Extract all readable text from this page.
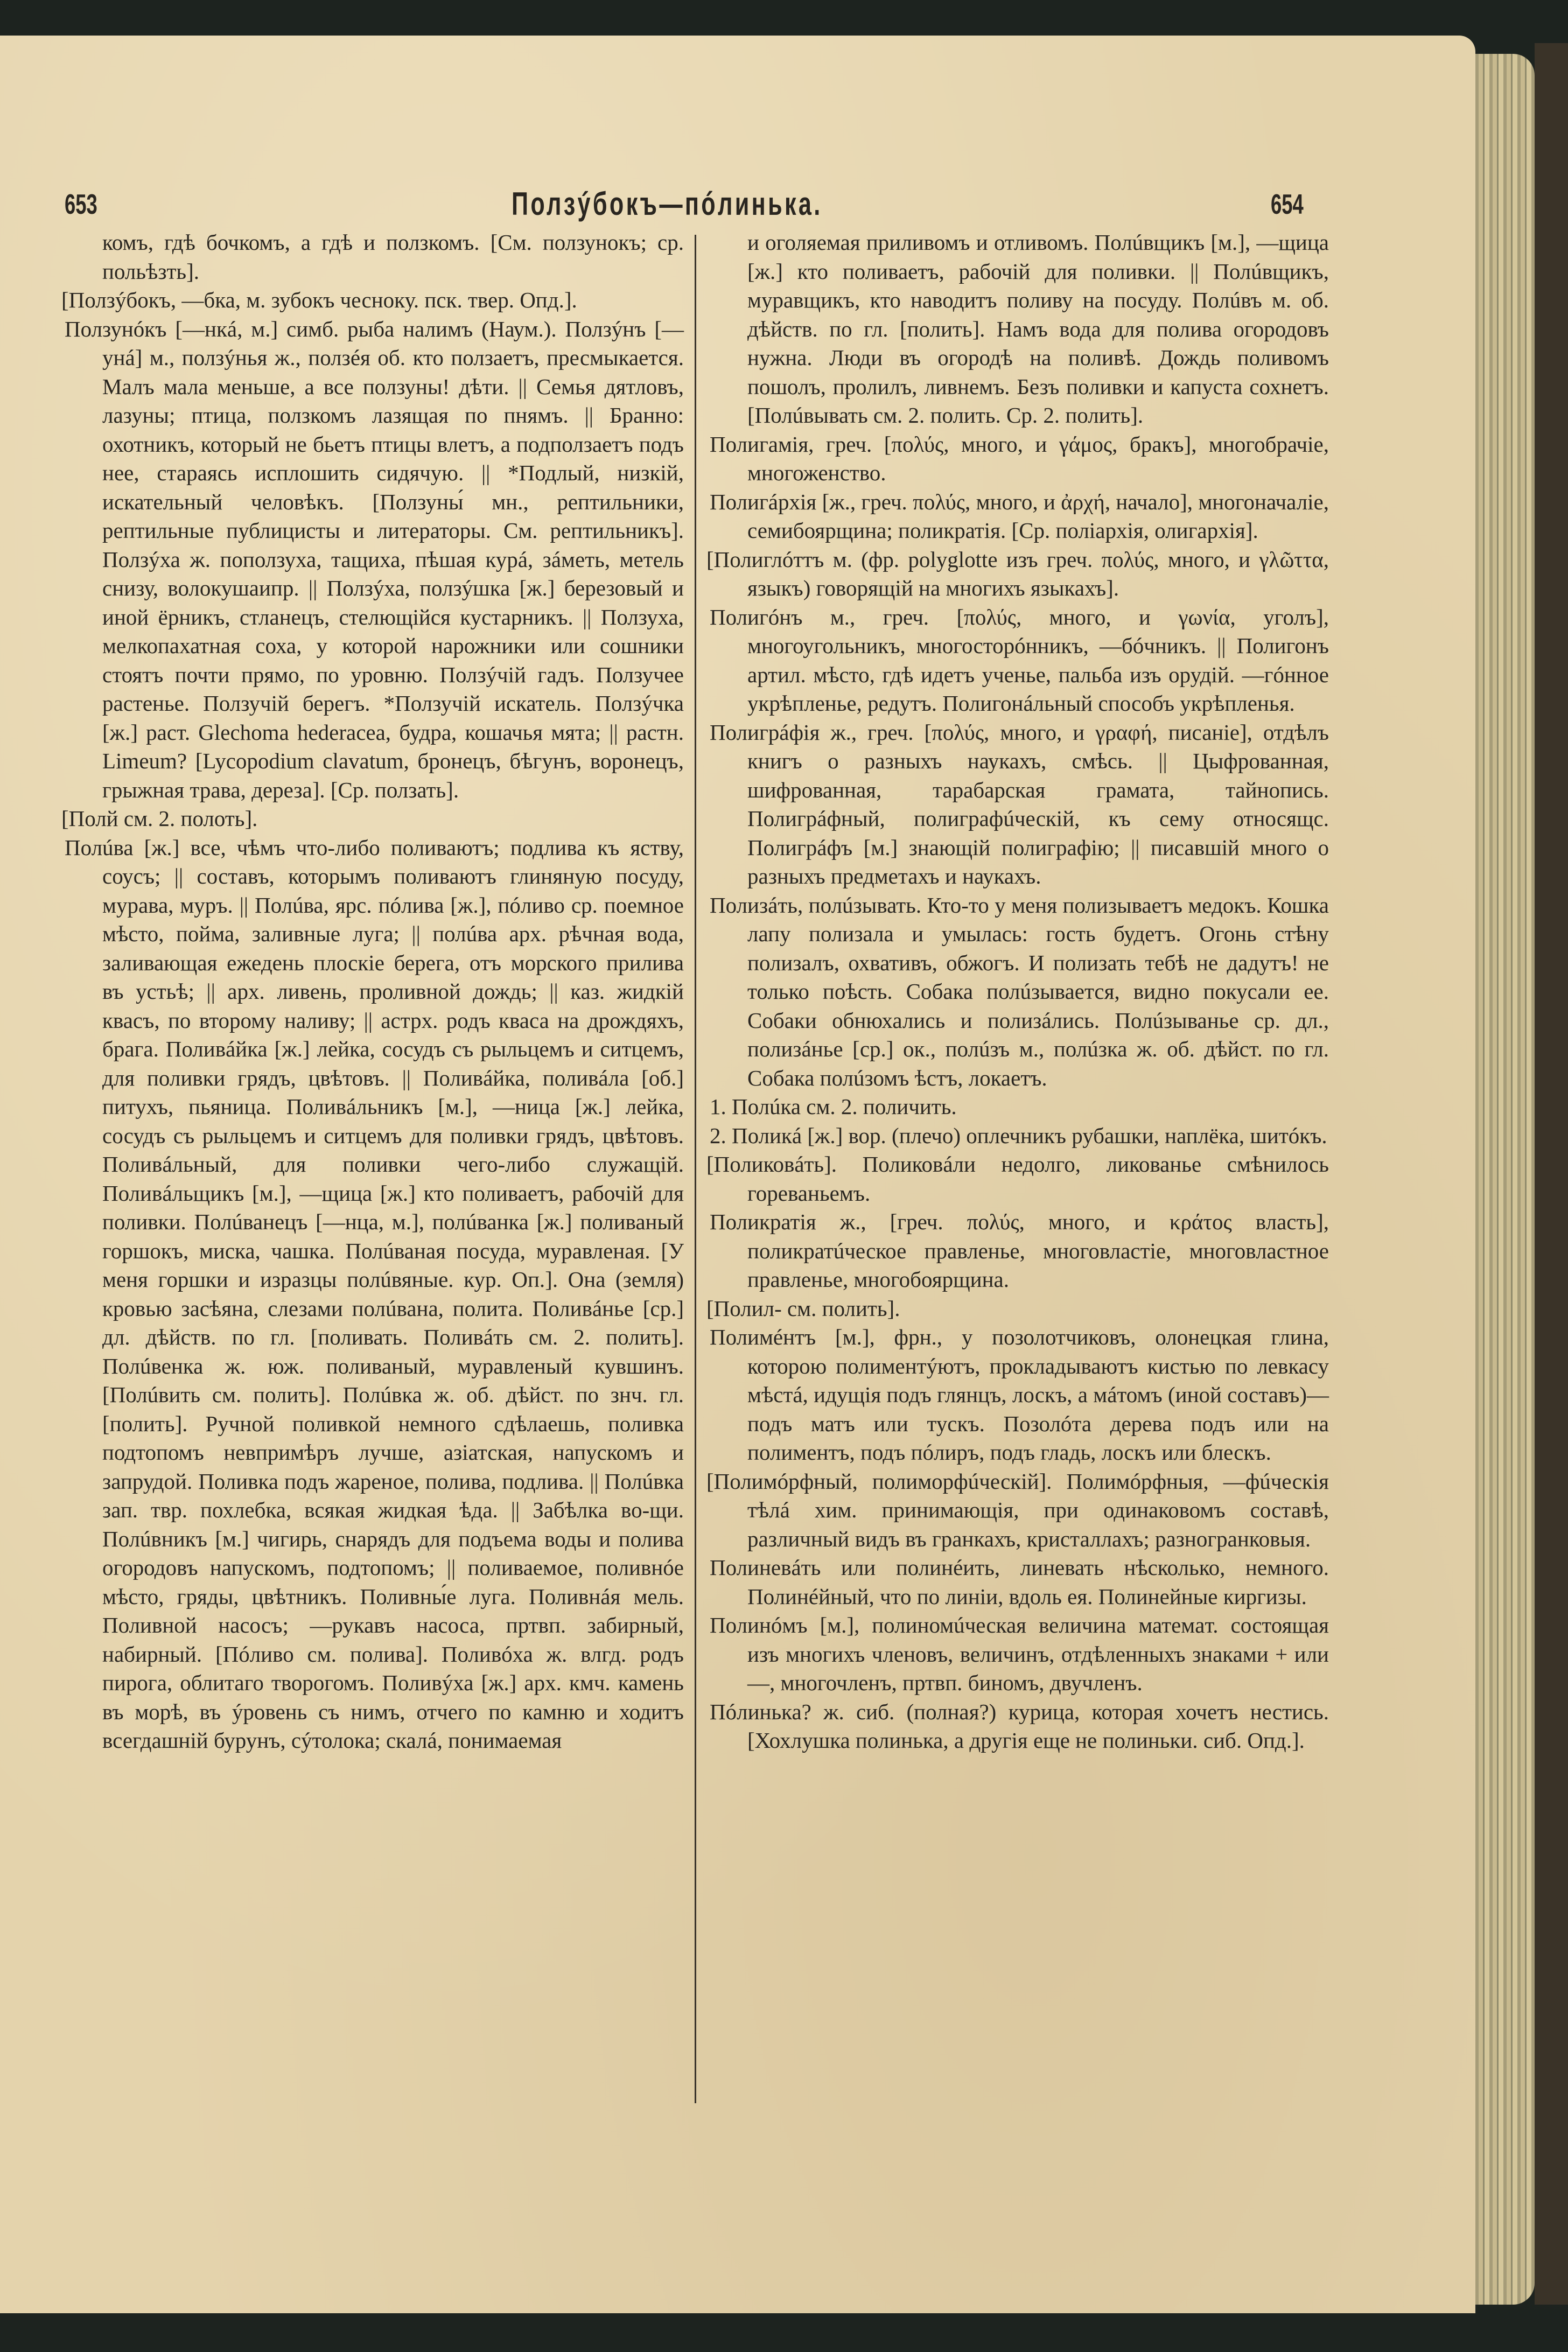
653	Ползýбокъ—пóлинька.	654

комъ, гдѣ бочкомъ, а гдѣ и ползкомъ. [См. ползунокъ; ср. польѣзть].

[Ползýбокъ, —бка, м. зубокъ чесноку. пск. твер. Опд.].

Ползунóкъ [—нкá, м.] симб. рыба налимъ (Наум.). Ползýнъ [—унá] м., ползýнья ж., ползéя об. кто ползаетъ, пресмыкается. Малъ мала меньше, а все ползуны! дѣти. || Семья дятловъ, лазуны; птица, ползкомъ лазящая по пнямъ. || Бранно: охотникъ, который не бьетъ птицы влетъ, а подползаетъ подъ нее, стараясь исплошить сидячую. || *Подлый, низкiй, искательный человѣкъ. [Ползуны́ мн., рептильники, рептильные публицисты и литераторы. См. рептильникъ]. Ползýха ж. поползуха, тащиха, пѣшая курá, зáметь, метель снизу, волокушаипр. || Ползýха, ползýшка [ж.] березовый и иной ёрникъ, стланецъ, стелющiйся кустарникъ. || Ползуха, мелкопахатная соха, у которой нарожники или сошники стоятъ почти прямо, по уровню. Ползýчiй гадъ. Ползучее растенье. Ползучiй берегъ. *Ползучiй искатель. Ползýчка [ж.] раст. Glechoma hederacea, будра, кошачья мята; || растн. Limeum? [Lycopodium clavatum, бронецъ, бѣгунъ, воронецъ, грыжная трава, дереза]. [Ср. ползать].

[Полй см. 2. полоть].

Полúва [ж.] все, чѣмъ что-либо поливаютъ; подлива къ яству, соусъ; || составъ, которымъ поливаютъ глиняную посуду, мурава, муръ. || Полúва, ярс. пóлива [ж.], пóливо ср. поемное мѣсто, пойма, заливные луга; || полúва арх. рѣчная вода, заливающая ежедень плоскiе берега, отъ морского прилива въ устьѣ; || арх. ливень, проливной дождь; || каз. жидкiй квасъ, по второму наливу; || астрх. родъ кваса на дрождяхъ, брага. Поливáйка [ж.] лейка, сосудъ съ рыльцемъ и ситцемъ, для поливки грядъ, цвѣтовъ. || Поливáйка, поливáла [об.] питухъ, пьяница. Поливáльникъ [м.], —ница [ж.] лейка, сосудъ съ рыльцемъ и ситцемъ для поливки грядъ, цвѣтовъ. Поливáльный, для поливки чего-либо служащiй. Поливáльщикъ [м.], —щица [ж.] кто поливаетъ, рабочiй для поливки. Полúванецъ [—нца, м.], полúванка [ж.] поливаный горшокъ, миска, чашка. Полúваная посуда, муравленая. [У меня горшки и изразцы полúвяныe. кур. Оп.]. Она (земля) кровью засѣяна, слезами полúвана, полита. Поливáнье [ср.] дл. дѣйств. по гл. [поливать. Поливáть см. 2. полить]. Полúвенка ж. юж. поливаный, муравленый кувшинъ. [Полúвить см. полить]. Полúвка ж. об. дѣйст. по знч. гл. [полить]. Ручной поливкой немного сдѣлаешь, поливка подтопомъ невпримѣръ лучше, азiатская, напускомъ и запрудой. Поливка подъ жареное, полива, подлива. || Полúвка зап. твр. похлебка, всякая жидкая ѣда. || Забѣлка во-щи. Полúвникъ [м.] чигирь, снарядъ для подъема воды и полива огородовъ напускомъ, подтопомъ; || поливаемое, поливнóе мѣсто, гряды, цвѣтникъ. Поливны́е луга. Поливнáя мель. Поливной насосъ; —рукавъ насоса, пртвп. забирный, набирный. [Пóливо см. полива]. Поливóха ж. влгд. родъ пирога, облитаго творогомъ. Поливýха [ж.] арх. кмч. камень въ морѣ, въ ýровень съ нимъ, отчего по камню и ходитъ всегдашнiй бурунъ, сýтолока; скалá, понимаемая

и оголяемая приливомъ и отливомъ. Полúвщикъ [м.], —щица [ж.] кто поливаетъ, рабочiй для поливки. || Полúвщикъ, муравщикъ, кто наводитъ поливу на посуду. Полúвъ м. об. дѣйств. по гл. [полить]. Намъ вода для полива огородовъ нужна. Люди въ огородѣ на поливѣ. Дождь поливомъ пошолъ, пролилъ, ливнемъ. Безъ поливки и капуста сохнетъ. [Полúвывать см. 2. полить. Ср. 2. полить].

Полигамiя, греч. [πολύς, много, и γάμος, бракъ], многобрачiе, многоженство.

Полигáрхiя [ж., греч. πολύς, много, и ἀρχή, начало], многоначалiе, семибоярщина; поликратiя. [Ср. полiархiя, олигархiя].

[Полиглóттъ м. (фр. polyglotte изъ греч. πολύς, много, и γλῶττα, языкъ) говорящiй на многихъ языкахъ].

Полигóнъ м., греч. [πολύς, много, и γωνία, уголъ], многоугольникъ, многосторóнникъ, —бóчникъ. || Полигонъ артил. мѣсто, гдѣ идетъ ученье, пальба изъ орудiй. —гóнное укрѣпленье, редутъ. Полигонáльный способъ укрѣпленья.

Полигрáфiя ж., греч. [πολύς, много, и γραφή, писанiе], отдѣлъ книгъ о разныхъ наукахъ, смѣсь. || Цыфрованная, шифрованная, тарабарская грамата, тайнопись. Полигрáфный, полиграфúческiй, къ сему относящс. Полигрáфъ [м.] знающiй полиграфiю; || писавшiй много о разныхъ предметахъ и наукахъ.

Полизáть, полúзывать. Кто-то у меня полизываетъ медокъ. Кошка лапу полизала и умылась: гость будетъ. Огонь стѣну полизалъ, охвативъ, обжогъ. И полизать тебѣ не дадутъ! не только поѣсть. Собака полúзывается, видно покусали ее. Собаки обнюхались и полизáлись. Полúзыванье ср. дл., полизáнье [ср.] ок., полúзъ м., полúзка ж. об. дѣйст. по гл. Собака полúзомъ ѣстъ, локаетъ.

1. Полúка см. 2. поличить.

2. Поликá [ж.] вор. (плечо) оплечникъ рубашки, наплёка, шитóкъ.

[Поликовáть]. Поликовáли недолго, ликованье смѣнилось гореваньемъ.

Поликратiя ж., [греч. πολύς, много, и κράτος власть], поликратúческое правленье, многовластiе, многовластное правленье, многобоярщина.

[Полил- см. полить].

Полимéнтъ [м.], фрн., у позолотчиковъ, олонецкая глина, которою полиментýютъ, прокладываютъ кистью по левкасу мѣстá, идущiя подъ глянцъ, лоскъ, а мáтомъ (иной составъ)—подъ матъ или тускъ. Позолóта дерева подъ или на полиментъ, подъ пóлиръ, подъ гладь, лоскъ или блескъ.

[Полимóрфный, полиморфúческiй]. Полимóрфныя, —фúческiя тѣлá хим. принимающiя, при одинаковомъ составѣ, различный видъ въ гранкахъ, кристаллахъ; разногранковыя.

Полиневáть или полинéить, линевать нѣсколько, немного. Полинéйный, что по линiи, вдоль ея. Полинейные киргизы.

Полинóмъ [м.], полиномúческая величина матемaт. состоящая изъ многихъ членовъ, величинъ, отдѣленныхъ знаками + или —, многочленъ, пртвп. биномъ, двучленъ.

Пóлинька? ж. сиб. (полная?) курица, которая хочетъ нестись. [Хохлушка полинька, а другiя еще не полиньки. сиб. Опд.].
